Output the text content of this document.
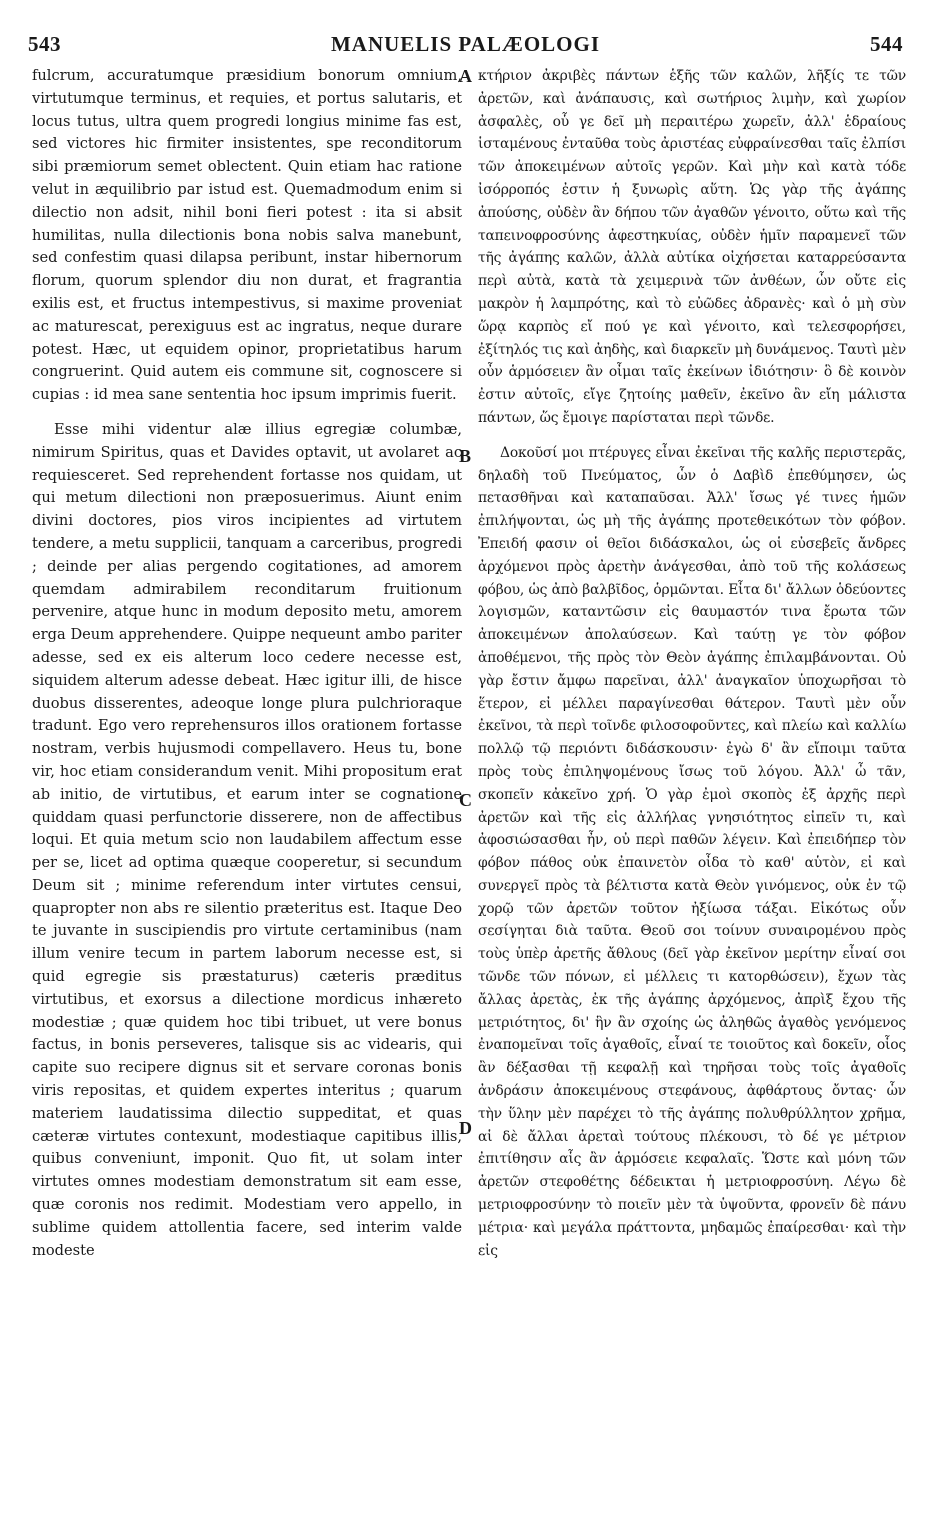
543	MANUELIS PALÆOLOGI	544

fulcrum, accuratumque præsidium bonorum omnium, virtutumque terminus, et requies, et portus salutaris, et locus tutus, ultra quem progredi longius minime fas est, sed victores hic firmiter insistentes, spe reconditorum sibi præmiorum semet oblectent. Quin etiam hac ratione velut in æquilibrio par istud est. Quemadmodum enim si dilectio non adsit, nihil boni fieri potest : ita si absit humilitas, nulla dilectionis bona nobis salva manebunt, sed confestim quasi dilapsa peribunt, instar hibernorum florum, quorum splendor diu non durat, et fragrantia exilis est, et fructus intempestivus, si maxime proveniat ac maturescat, perexiguus est ac ingratus, neque durare potest. Hæc, ut equidem opinor, proprietatibus harum congruerint. Quid autem eis commune sit, cognoscere si cupias : id mea sane sententia hoc ipsum imprimis fuerit.

Esse mihi videntur alæ illius egregiæ columbæ, nimirum Spiritus, quas et Davides optavit, ut avolaret ac requiesceret. Sed reprehendent fortasse nos quidam, ut qui metum dilectioni non præposuerimus. Aiunt enim divini doctores, pios viros incipientes ad virtutem tendere, a metu supplicii, tanquam a carceribus, progredi ; deinde per alias pergendo cogitationes, ad amorem quemdam admirabilem reconditarum fruitionum pervenire, atque hunc in modum deposito metu, amorem erga Deum apprehendere. Quippe nequeunt ambo pariter adesse, sed ex eis alterum loco cedere necesse est, siquidem alterum adesse debeat. Hæc igitur illi, de hisce duobus disserentes, adeoque longe plura pulchrioraque tradunt. Ego vero reprehensuros illos orationem fortasse nostram, verbis hujusmodi compellavero. Heus tu, bone vir, hoc etiam considerandum venit. Mihi propositum erat ab initio, de virtutibus, et earum inter se cognatione quiddam quasi perfunctorie disserere, non de affectibus loqui. Et quia metum scio non laudabilem affectum esse per se, licet ad optima quæque cooperetur, si secundum Deum sit ; minime referendum inter virtutes censui, quapropter non abs re silentio præteritus est. Itaque Deo te juvante in suscipiendis pro virtute certaminibus (nam illum venire tecum in partem laborum necesse est, si quid egregie sis præstaturus) cæteris præditus virtutibus, et exorsus a dilectione mordicus inhæreto modestiæ ; quæ quidem hoc tibi tribuet, ut vere bonus factus, in bonis perseveres, talisque sis ac videaris, qui capite suo recipere dignus sit et servare coronas bonis viris repositas, et quidem expertes interitus ; quarum materiem laudatissima dilectio suppeditat, et quas cæteræ virtutes contexunt, modestiaque capitibus illis, quibus conveniunt, imponit. Quo fit, ut solam inter virtutes omnes modestiam demonstratum sit eam esse, quæ coronis nos redimit. Modestiam vero appello, in sublime quidem attollentia facere, sed interim valde modeste

A
B
C
D

κτήριον ἀκριβὲς πάντων ἑξῆς τῶν καλῶν, λῆξίς τε τῶν ἀρετῶν, καὶ ἀνάπαυσις, καὶ σωτήριος λιμὴν, καὶ χωρίον ἀσφαλὲς, οὗ γε δεῖ μὴ περαιτέρω χωρεῖν, ἀλλ' ἑδραίους ἱσταμένους ἐνταῦθα τοὺς ἀριστέας εὐφραίνεσθαι ταῖς ἐλπίσι τῶν ἀποκειμένων αὐτοῖς γερῶν. Καὶ μὴν καὶ κατὰ τόδε ἰσόρροπός ἐστιν ἡ ξυνωρὶς αὕτη. Ὡς γὰρ τῆς ἀγάπης ἀπούσης, οὐδὲν ἂν δήπου τῶν ἀγαθῶν γένοιτο, οὕτω καὶ τῆς ταπεινοφροσύνης ἀφεστηκυίας, οὐδὲν ἡμῖν παραμενεῖ τῶν τῆς ἀγάπης καλῶν, ἀλλὰ αὐτίκα οἰχήσεται καταρρεύσαντα περὶ αὐτὰ, κατὰ τὰ χειμερινὰ τῶν ἀνθέων, ὧν οὔτε εἰς μακρὸν ἡ λαμπρότης, καὶ τὸ εὐῶδες ἀδρανὲς· καὶ ὁ μὴ σὺν ὥρᾳ καρπὸς εἴ πού γε καὶ γένοιτο, καὶ τελεσφορήσει, ἐξίτηλός τις καὶ ἀηδὴς, καὶ διαρκεῖν μὴ δυνάμενος. Ταυτὶ μὲν οὖν ἁρμόσειεν ἂν οἶμαι ταῖς ἐκείνων ἰδιότησιν· ὃ δὲ κοινὸν ἐστιν αὐτοῖς, εἴγε ζητοίης μαθεῖν, ἐκεῖνο ἂν εἴη μάλιστα πάντων, ὥς ἔμοιγε παρίσταται περὶ τῶνδε.

Δοκοῦσί μοι πτέρυγες εἶναι ἐκεῖναι τῆς καλῆς περιστερᾶς, δηλαδὴ τοῦ Πνεύματος, ὧν ὁ Δαβὶδ ἐπεθύμησεν, ὡς πετασθῆναι καὶ καταπαῦσαι. Ἀλλ' ἴσως γέ τινες ἡμῶν ἐπιλήψονται, ὡς μὴ τῆς ἀγάπης προτεθεικότων τὸν φόβον. Ἐπειδή φασιν οἱ θεῖοι διδάσκαλοι, ὡς οἱ εὐσεβεῖς ἄνδρες ἀρχόμενοι πρὸς ἀρετὴν ἀνάγεσθαι, ἀπὸ τοῦ τῆς κολάσεως φόβου, ὡς ἀπὸ βαλβῖδος, ὁρμῶνται. Εἶτα δι' ἄλλων ὁδεύοντες λογισμῶν, καταντῶσιν εἰς θαυμαστόν τινα ἔρωτα τῶν ἀποκειμένων ἀπολαύσεων. Καὶ ταύτῃ γε τὸν φόβον ἀποθέμενοι, τῆς πρὸς τὸν Θεὸν ἀγάπης ἐπιλαμβάνονται. Οὐ γὰρ ἔστιν ἄμφω παρεῖναι, ἀλλ' ἀναγκαῖον ὑποχωρῆσαι τὸ ἕτερον, εἰ μέλλει παραγίνεσθαι θάτερον. Ταυτὶ μὲν οὖν ἐκεῖνοι, τὰ περὶ τοῖνδε φιλοσοφοῦντες, καὶ πλείω καὶ καλλίω πολλῷ τῷ περιόντι διδάσκουσιν· ἐγὼ δ' ἂν εἴποιμι ταῦτα πρὸς τοὺς ἐπιληψομένους ἴσως τοῦ λόγου. Ἀλλ' ὦ τᾶν, σκοπεῖν κἀκεῖνο χρή. Ὁ γὰρ ἐμοὶ σκοπὸς ἐξ ἀρχῆς περὶ ἀρετῶν καὶ τῆς εἰς ἀλλήλας γνησιότητος εἰπεῖν τι, καὶ ἀφοσιώσασθαι ἦν, οὐ περὶ παθῶν λέγειν. Καὶ ἐπειδήπερ τὸν φόβον πάθος οὐκ ἐπαινετὸν οἶδα τὸ καθ' αὑτὸν, εἰ καὶ συνεργεῖ πρὸς τὰ βέλτιστα κατὰ Θεὸν γινόμενος, οὐκ ἐν τῷ χορῷ τῶν ἀρετῶν τοῦτον ἠξίωσα τάξαι. Εἰκότως οὖν σεσίγηται διὰ ταῦτα. Θεοῦ σοι τοίνυν συναιρομένου πρὸς τοὺς ὑπὲρ ἀρετῆς ἄθλους (δεῖ γὰρ ἐκεῖνον μερίτην εἶναί σοι τῶνδε τῶν πόνων, εἰ μέλλεις τι κατορθώσειν), ἔχων τὰς ἄλλας ἀρετὰς, ἐκ τῆς ἀγάπης ἀρχόμενος, ἀπρὶξ ἔχου τῆς μετριότητος, δι' ἣν ἂν σχοίης ὡς ἀληθῶς ἀγαθὸς γενόμενος ἐναπομεῖναι τοῖς ἀγαθοῖς, εἶναί τε τοιοῦτος καὶ δοκεῖν, οἷος ἂν δέξασθαι τῇ κεφαλῇ καὶ τηρῆσαι τοὺς τοῖς ἀγαθοῖς ἀνδράσιν ἀποκειμένους στεφάνους, ἀφθάρτους ὄντας· ὧν τὴν ὕλην μὲν παρέχει τὸ τῆς ἀγάπης πολυθρύλλητον χρῆμα, αἱ δὲ ἄλλαι ἀρεταὶ τούτους πλέκουσι, τὸ δέ γε μέτριον ἐπιτίθησιν αἷς ἂν ἁρμόσειε κεφαλαῖς. Ὥστε καὶ μόνη τῶν ἀρετῶν στεφοθέτης δέδεικται ἡ μετριοφροσύνη. Λέγω δὲ μετριοφροσύνην τὸ ποιεῖν μὲν τὰ ὑψοῦντα, φρονεῖν δὲ πάνυ μέτρια· καὶ μεγάλα πράττοντα, μηδαμῶς ἐπαίρεσθαι· καὶ τὴν εἰς
